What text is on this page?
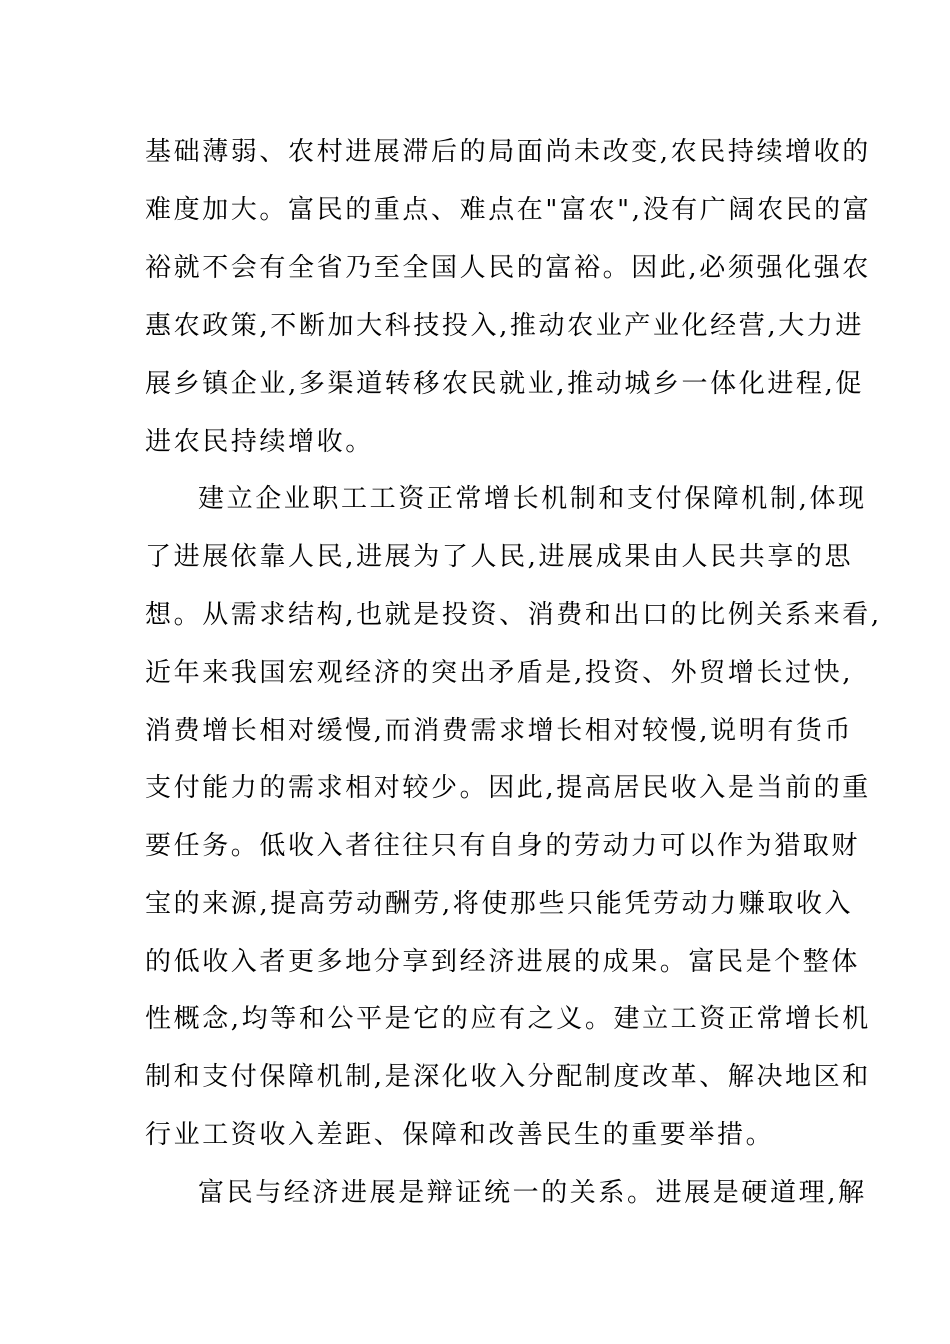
基础薄弱、农村进展滞后的局面尚未改变,农民持续增收的
难度加大。富民的重点、难点在"富农",没有广阔农民的富
裕就不会有全省乃至全国人民的富裕。因此,必须强化强农
惠农政策,不断加大科技投入,推动农业产业化经营,大力进
展乡镇企业,多渠道转移农民就业,推动城乡一体化进程,促
进农民持续增收。
建立企业职工工资正常增长机制和支付保障机制,体现
了进展依靠人民,进展为了人民,进展成果由人民共享的思
想。从需求结构,也就是投资、消费和出口的比例关系来看,
近年来我国宏观经济的突出矛盾是,投资、外贸增长过快,
消费增长相对缓慢,而消费需求增长相对较慢,说明有货币
支付能力的需求相对较少。因此,提高居民收入是当前的重
要任务。低收入者往往只有自身的劳动力可以作为猎取财
宝的来源,提高劳动酬劳,将使那些只能凭劳动力赚取收入
的低收入者更多地分享到经济进展的成果。富民是个整体
性概念,均等和公平是它的应有之义。建立工资正常增长机
制和支付保障机制,是深化收入分配制度改革、解决地区和
行业工资收入差距、保障和改善民生的重要举措。
富民与经济进展是辩证统一的关系。进展是硬道理,解
